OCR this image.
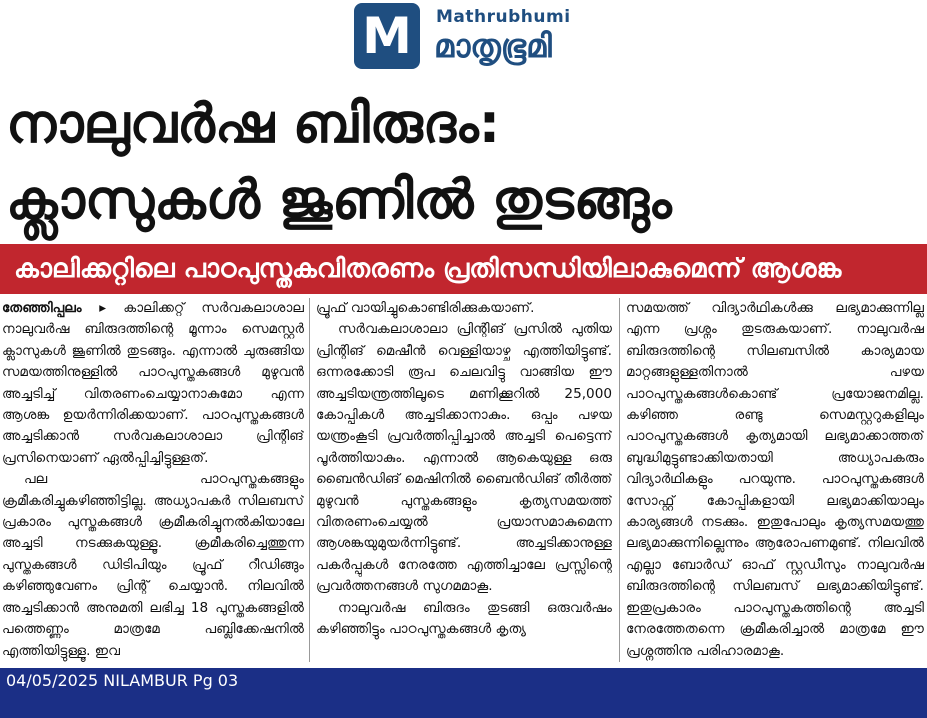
M Mathrubhumi
മാതൃഭൂമി
നാലുവർഷ ബിരുദം:
ക്ലാസുകൾ ജൂണിൽ തുടങ്ങും
കാലിക്കറ്റിലെ പാഠപുസ്തകവിതരണം പ്രതിസന്ധിയിലാകുമെന്ന് ആശങ്ക

തേഞ്ഞിപ്പലം ▸ കാലിക്കറ്റ് സർവകലാശാല നാലുവർഷ ബിരുദത്തിന്റെ മൂന്നാം സെമസ്റ്റർ ക്ലാസുകൾ ജൂണിൽ തുടങ്ങും. എന്നാൽ ചുരുങ്ങിയ സമയത്തിനുള്ളിൽ പാഠപുസ്തകങ്ങൾ മുഴുവൻ അച്ചടിച്ച് വിതരണംചെയ്യാനാകുമോ എന്ന ആശങ്ക ഉയർന്നിരിക്കയാണ്. പാഠപുസ്തകങ്ങൾ അച്ചടിക്കാൻ സർവകലാശാലാ പ്രിന്റിങ് പ്രസിനെയാണ് ഏൽപ്പിച്ചിട്ടുള്ളത്.

പല പാഠപുസ്തകങ്ങളും ക്രമീകരിച്ചുകഴിഞ്ഞിട്ടില്ല. അധ്യാപകർ സിലബസ് പ്രകാരം പുസ്തകങ്ങൾ ക്രമീകരിച്ചുനൽകിയാലേ അച്ചടി നടക്കുകയുള്ളൂ. ക്രമീകരിച്ചെത്തുന്ന പുസ്തകങ്ങൾ ഡിടിപിയും പ്രൂഫ് റീഡിങ്ങും കഴിഞ്ഞുവേണം പ്രിന്റ് ചെയ്യാൻ. നിലവിൽ അച്ചടിക്കാൻ അനുമതി ലഭിച്ച 18 പുസ്തകങ്ങളിൽ പത്തെണ്ണം മാത്രമേ പബ്ലിക്കേഷനിൽ എത്തിയിട്ടുള്ളൂ. ഇവ

പ്രൂഫ് വായിച്ചുകൊണ്ടിരിക്കുകയാണ്.

സർവകലാശാലാ പ്രിന്റിങ് പ്രസിൽ പുതിയ പ്രിന്റിങ് മെഷീൻ വെള്ളിയാഴ്ച എത്തിയിട്ടുണ്ട്. ഒന്നരക്കോടി രൂപ ചെലവിട്ടു വാങ്ങിയ ഈ അച്ചടിയന്ത്രത്തിലൂടെ മണിക്കൂറിൽ 25,000 കോപ്പികൾ അച്ചടിക്കാനാകും. ഒപ്പം പഴയ യന്ത്രംകൂടി പ്രവർത്തിപ്പിച്ചാൽ അച്ചടി പെട്ടെന്ന് പൂർത്തിയാകും. എന്നാൽ ആകെയുള്ള ഒരു ബൈൻഡിങ് മെഷിനിൽ ബൈൻഡിങ് തീർത്ത് മുഴുവൻ പുസ്തകങ്ങളും കൃത്യസമയത്ത് വിതരണംചെയ്യൽ പ്രയാസമാകുമെന്ന ആശങ്കയുമുയർന്നിട്ടുണ്ട്. അച്ചടിക്കാനുള്ള പകർപ്പുകൾ നേരത്തേ എത്തിച്ചാലേ പ്രസ്സിന്റെ പ്രവർത്തനങ്ങൾ സുഗമമാകൂ.

നാലുവർഷ ബിരുദം തുടങ്ങി ഒരുവർഷം കഴിഞ്ഞിട്ടും പാഠപുസ്തകങ്ങൾ കൃത്യ

സമയത്ത് വിദ്യാർഥികൾക്കു ലഭ്യമാക്കുന്നില്ല എന്ന പ്രശ്നം തുടരുകയാണ്. നാലുവർഷ ബിരുദത്തിന്റെ സിലബസിൽ കാര്യമായ മാറ്റങ്ങളുള്ളതിനാൽ പഴയ പാഠപുസ്തകങ്ങൾകൊണ്ട് പ്രയോജനമില്ല. കഴിഞ്ഞ രണ്ടു സെമസ്റ്ററുകളിലും പാഠപുസ്തകങ്ങൾ കൃത്യമായി ലഭ്യമാക്കാത്തത് ബുദ്ധിമുട്ടുണ്ടാക്കിയതായി അധ്യാപകരും വിദ്യാർഥികളും പറയുന്നു. പാഠപുസ്തകങ്ങൾ സോഫ്റ്റ് കോപ്പികളായി ലഭ്യമാക്കിയാലും കാര്യങ്ങൾ നടക്കും. ഇതുപോലും കൃത്യസമയത്തു ലഭ്യമാക്കുന്നില്ലെന്നും ആരോപണമുണ്ട്. നിലവിൽ എല്ലാ ബോർഡ് ഓഫ് സ്റ്റഡീസും നാലുവർഷ ബിരുദത്തിന്റെ സിലബസ് ലഭ്യമാക്കിയിട്ടുണ്ട്. ഇതുപ്രകാരം പാഠപുസ്തകത്തിന്റെ അച്ചടി നേരത്തേതന്നെ ക്രമീകരിച്ചാൽ മാത്രമേ ഈ പ്രശ്നത്തിനു പരിഹാരമാകൂ.

04/05/2025 NILAMBUR Pg 03
